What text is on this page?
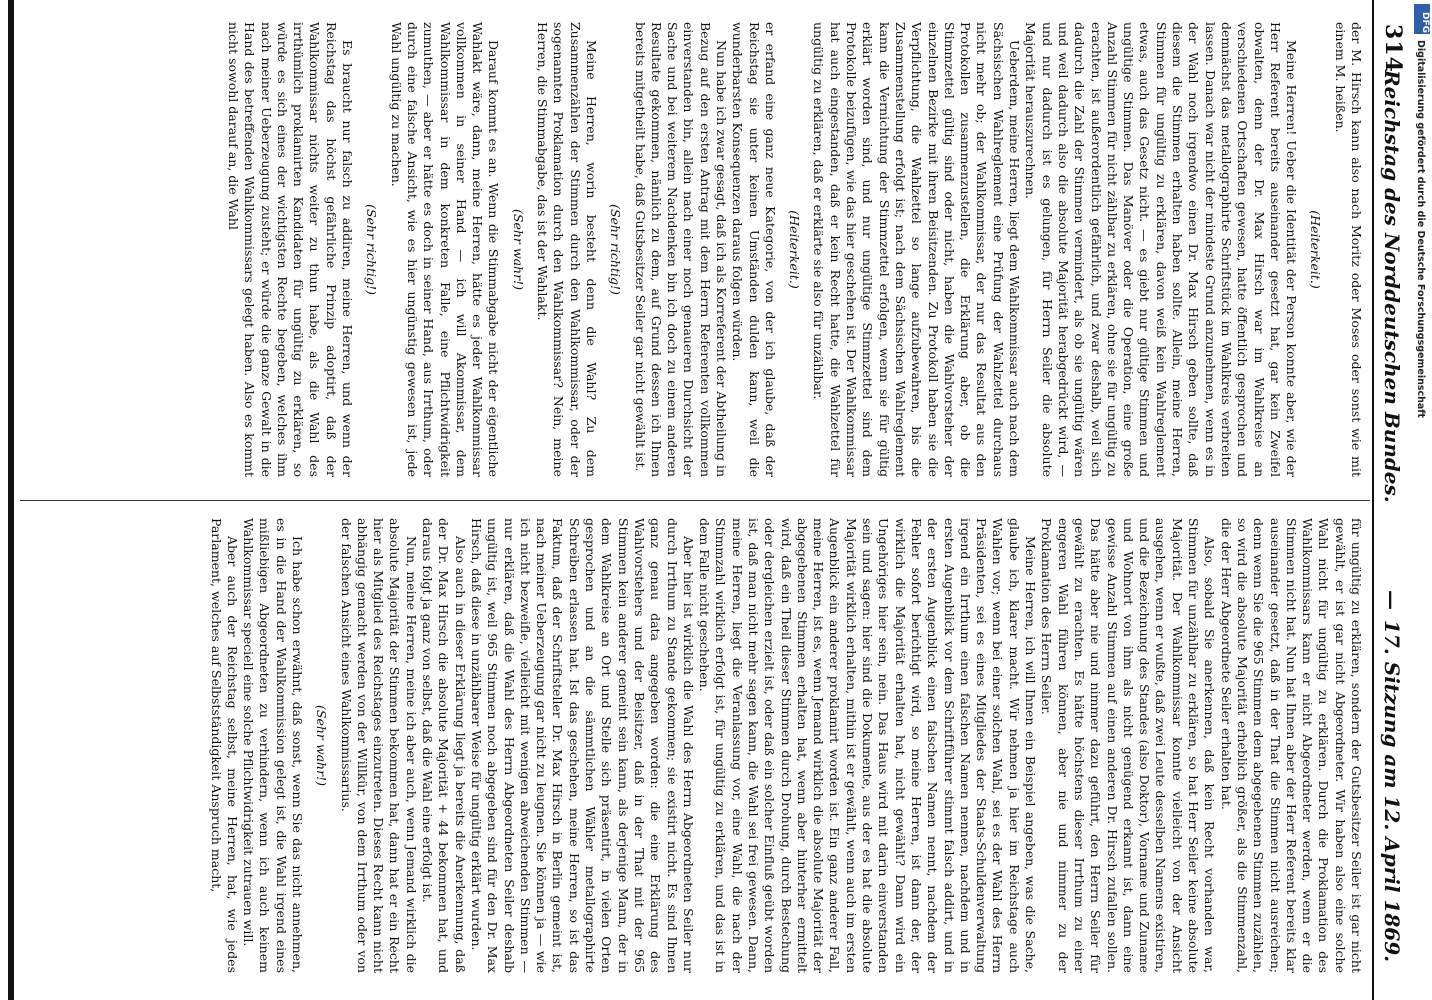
314
Reichstag des Norddeutschen Bundes.
—
17. Sitzung am 12. April 1869.

der M. Hirsch kann also nach Moritz oder Moses oder sonst wie mit einem M. heißen.

(Heiterkeit.)

Meine Herren! Ueber die Identität der Person konnte aber, wie der Herr Referent bereits auseinander gesetzt hat, gar kein Zweifel obwalten, denn der Dr. Max Hirsch war im Wahlkreise an verschiedenen Ortschaften gewesen, hatte öffentlich gesprochen und demnächst das metallographirte Schriftstück im Wahlkreis verbreiten lassen. Danach war nicht der mindeste Grund anzunehmen, wenn es in der Wahl noch irgendwo einen Dr. Max Hirsch geben sollte, daß diesem die Stimmen erhalten haben sollte. Allein, meine Herren, Stimmen für ungültig zu erklären, davon weiß kein Wahlreglement etwas, auch das Gesetz nicht. — es giebt nur gültige Stimmen und ungültige Stimmen. Das Manöver oder die Operation, eine große Anzahl Stimmen für nicht zählbar zu erklären, ohne sie für ungültig zu erachten, ist außerordentlich gefährlich, und zwar deshalb, weil sich dadurch die Zahl der Stimmen vermindert, als ob sie ungültig wären und weil dadurch also die absolute Majorität herabgedrückt wird, — und nur dadurch ist es gelungen, für Herrn Seiler die absolute Majorität herauszurechnen.

Ueberdem, meine Herren, liegt dem Wahlkommissar auch nach dem Sächsischen Wahlreglement eine Prüfung der Wahlzettel durchaus nicht mehr ob; der Wahlkommissar, der nur das Resultat aus den Protokollen zusammenzustellen, die Erklärung aber, ob die Stimmzettel gültig sind oder nicht, haben die Wahlvorsteher der einzelnen Bezirke mit ihren Beisitzenden. Zu Protokoll haben sie die Verpflichtung, die Wahlzettel so lange aufzubewahren, bis die Zusammenstellung erfolgt ist; nach dem Sächsischen Wahlreglement kann die Vernichtung der Stimmzettel erfolgen, wenn sie für gültig erklärt worden sind, und nur ungültige Stimmzettel sind dem Protokolle beizufügen, wie das hier geschehen ist. Der Wahlkommissar hat auch eingestanden, daß er kein Recht hatte, die Wahlzettel für ungültig zu erklären, daß er erklärte sie also für unzählbar.

(Heiterkeit.)

er erfand eine ganz neue Kategorie, von der ich glaube, daß der Reichstag sie unter keinen Umständen dulden kann, weil die wunderbarsten Konsequenzen daraus folgen würden.

Nun habe ich zwar gesagt, daß ich als Korreferent der Abtheilung in Bezug auf den ersten Antrag mit dem Herrn Referenten vollkommen einverstanden bin, allein nach einer noch genaueren Durchsicht der Sache und bei weiterem Nachdenken bin ich doch zu einem anderen Resultate gekommen, nämlich zu dem, auf Grund dessen ich Ihnen bereits mitgetheilt habe, daß Gutsbesitzer Seiler gar nicht gewählt ist.

(Sehr richtig!)

Meine Herren, worin besteht denn die Wahl? Zu dem Zusammenzählen der Stimmen durch den Wahlkommissar, oder der sogenannten Proklamation durch den Wahlkommissar? Nein, meine Herren, die Stimmabgabe, das ist der Wahlakt.

(Sehr wahr!)

Darauf kommt es an. Wenn die Stimmabgabe nicht der eigentliche Wahlakt wäre, dann, meine Herren, hätte es jeder Wahlkommissar vollkommen in seiner Hand — ich will Akommissar, dem Wahlkommissar in dem konkreten Falle, eine Pflichtwidrigkeit zumuthen, — aber er hätte es doch in seiner Hand, aus Irrthum, oder durch eine falsche Ansicht, wie es hier ungünstig gewesen ist, jede Wahl ungültig zu machen.

(Sehr richtig!)

Es braucht nur falsch zu addiren, meine Herren, und wenn der Reichstag das höchst gefährliche Prinzip adoptirt, daß der Wahlkommissar nichts weiter zu thun habe, als die Wahl des irrthümlich proklamirten Kandidaten für ungültig zu erklären, so würde es sich eines der wichtigsten Rechte begeben, welches ihm nach meiner Ueberzeugung zusteht; er würde die ganze Gewalt in die Hand des betreffenden Wahlkommissars gelegt haben. Also es kommt nicht sowohl darauf an, die Wahl

für ungültig zu erklären, sondern der Gutsbesitzer Seiler ist gar nicht gewählt, er ist gar nicht Abgeordneter. Wir haben also eine solche Wahl nicht für ungültig zu erklären. Durch die Proklamation des Wahlkommissars kann er nicht Abgeordneter werden, wenn er die Stimmen nicht hat. Nun hat Ihnen aber der Herr Referent bereits klar auseinander gesetzt, daß in der That die Stimmen nicht ausreichen; denn wenn Sie die 965 Stimmen dem abgegebenen Stimmen zuzählen, so wird die absolute Majorität erheblich größer, als die Stimmenzahl, die der Herr Abgeordnete Seiler erhalten hat.

Also, sobald Sie anerkennen, daß kein Recht vorhanden war, Stimmen für unzählbar zu erklären, so hat Herr Seiler keine absolute Majorität. Der Wahlkommissar konnte vielleicht von der Ansicht ausgehen, wenn er wußte, daß zwei Leute desselben Namens existiren, und die Bezeichnung des Standes (also Doktor), Vorname und Zuname und Wohnort von ihm als nicht genügend erkannt ist, dann eine gewisse Anzahl Stimmen auf einen anderen Dr. Hirsch zufallen sollen. Das hätte aber nie und nimmer dazu geführt, den Herrn Seiler für gewählt zu erachten. Es hätte höchstens dieser Irrthum zu einer engeren Wahl führen können, aber nie und nimmer zu der Proklamation des Herrn Seiler.

Meine Herren, ich will Ihnen ein Beispiel angeben, was die Sache, glaube ich, klarer macht. Wir nehmen ja hier im Reichstage auch Wahlen vor; wenn bei einer solchen Wahl, sei es der Wahl des Herrn Präsidenten, sei es eines Mitgliedes der Staats-Schuldenverwaltung irgend ein Irrthum einen falschen Namen nennen, nachdem und in ersten Augenblick vor dem Schriftführer stimmt falsch addirt, und in der ersten Augenblick einen falschen Namen nennt, nachdem der Fehler sofort berichtigt wird, so meine Herren, ist dann der, der wirklich die Majorität erhalten hat, nicht gewählt? Dann wird ein Ungehöriges hier sein, nein. Das Haus wird mit darin einverstanden sein und sagen: hier sind die Dokumente, aus der es hat die absolute Majorität wirklich erhalten, mithin ist er gewählt, wenn auch im ersten Augenblick ein anderer proklamirt worden ist. Ein ganz anderer Fall, meine Herren, ist es, wenn Jemand wirklich die absolute Majorität der abgegebenen Stimmen erhalten hat, wenn aber hinterher ermittelt wird, daß ein Theil dieser Stimmen durch Drohung, durch Bestechung oder dergleichen erzielt ist, oder daß ein solcher Einfluß geübt worden ist, daß man nicht mehr sagen kann, die Wahl sei frei gewesen. Dann, meine Herren, liegt die Veranlassung vor, eine Wahl, die nach der Stimmzahl wirklich erfolgt ist, für ungültig zu erklären, und das ist in dem Falle nicht geschehen.

Aber hier ist wirklich die Wahl des Herrn Abgeordneten Seiler nur durch Irrthum zu Stande gekommen; sie existirt nicht. Es sind Ihnen ganz genau data angegeben worden: die eine Erklärung des Wahlvorstehers und der Beisitzer, daß in der That mit der 965 Stimmen kein anderer gemeint sein kann, als derjenige Mann, der in dem Wahlkreise an Ort und Stelle sich präsentirt, in vielen Orten gesprochen und an die sämmtlichen Wähler metallographirte Schreiben erlassen hat. Ist das geschehen, meine Herren, so ist das Faktum, daß der Schriftsteller Dr. Max Hirsch in Berlin gemeint ist, nach meiner Ueberzeugung gar nicht zu leugnen. Sie können ja — wie ich nicht bezweifle, vielleicht mit wenigen abweichenden Stimmen — nur erklären, daß die Wahl des Herrn Abgeordneten Seiler deshalb ungültig ist, weil 965 Stimmen noch abgegeben sind für den Dr. Max Hirsch, daß diese in unzählbarer Weise für ungültig erklärt wurden.

Also auch in dieser Erklärung liegt ja bereits die Anerkennung, daß der Dr. Max Hirsch die absolute Majorität + 44 bekommen hat, und daraus folgt ja ganz von selbst, daß die Wahl eine erfolgt ist.

Nun, meine Herren, meine ich aber auch, wenn Jemand wirklich die absolute Majorität der Stimmen bekommen hat, dann hat er ein Recht hier als Mitglied des Reichstages einzutreten. Dieses Recht kann nicht abhängig gemacht werden von der Willkür, von dem Irrthum oder von der falschen Ansicht eines Wahlkommissarius.

(Sehr wahr!)

Ich habe schon erwähnt, daß sonst, wenn Sie das nicht annehmen, es in die Hand der Wahlkommission gelegt ist, die Wahl irgend eines mißliebigen Abgeordneten zu verhindern, wenn ich auch keinem Wahlkommissar speciell eine solche Pflichtwidrigkeit zutrauen will.

Aber auch der Reichstag selbst, meine Herren, hat, wie jedes Parlament, welches auf Selbstständigkeit Anspruch macht,

DFG
Digitalisierung gefördert durch die Deutsche Forschungsgemeinschaft
